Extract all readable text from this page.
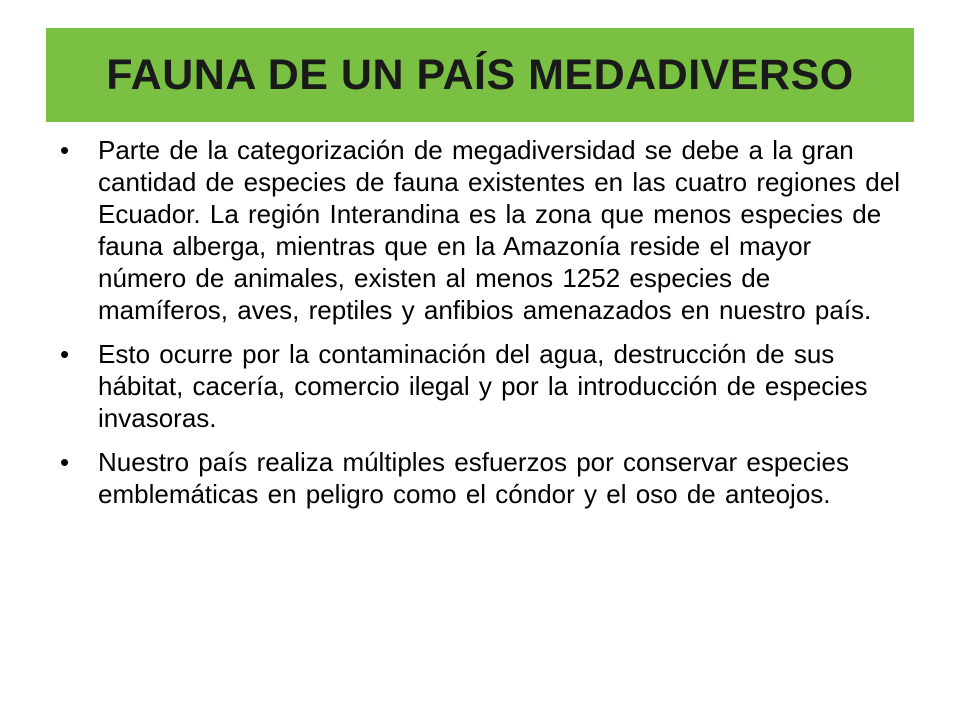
FAUNA DE UN PAÍS MEDADIVERSO
• Parte de la categorización de megadiversidad se debe a la gran cantidad de especies de fauna existentes en las cuatro regiones del Ecuador. La región Interandina es la zona que menos especies de fauna alberga, mientras que en la Amazonía reside el mayor número de animales, existen al menos 1252 especies de mamíferos, aves, reptiles y anfibios amenazados en nuestro país.
• Esto ocurre por la contaminación del agua, destrucción de sus hábitat, cacería, comercio ilegal y por la introducción de especies invasoras.
• Nuestro país realiza múltiples esfuerzos por conservar especies emblemáticas en peligro como el cóndor y el oso de anteojos.
